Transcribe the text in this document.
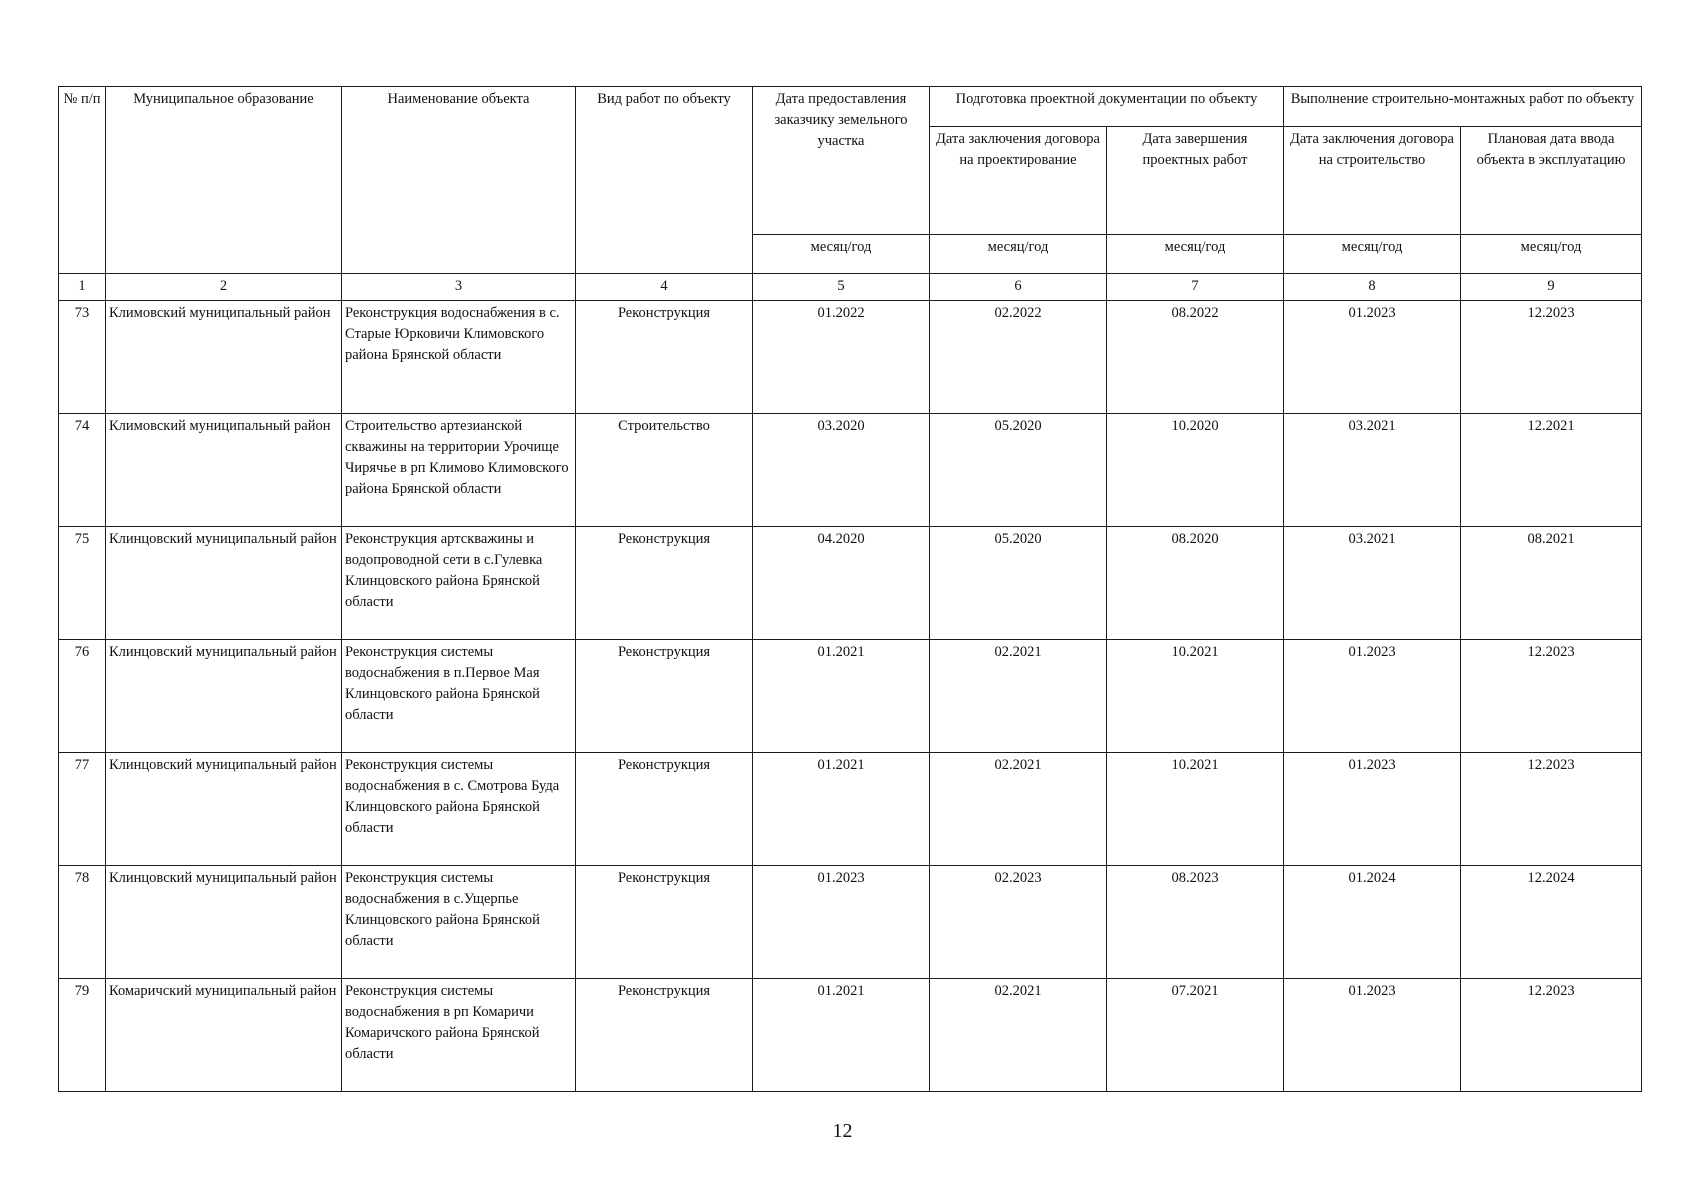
№ п/п	Муниципальное образование	Наименование объекта	Вид работ по объекту	Дата предоставления заказчику земельного участка	Подготовка проектной документации по объекту		Выполнение строительно-монтажных работ по объекту	
					Дата заключения договора на проектирование	Дата завершения проектных работ	Дата заключения договора на строительство	Плановая дата ввода объекта в эксплуатацию
				месяц/год	месяц/год	месяц/год	месяц/год	месяц/год
1	2	3	4	5	6	7	8	9
73	Климовский муниципальный район	Реконструкция водоснабжения в с. Старые Юрковичи Климовского района Брянской области	Реконструкция	01.2022	02.2022	08.2022	01.2023	12.2023
74	Климовский муниципальный район	Строительство артезианской скважины на территории Урочище Чирячье в рп Климово Климовского района Брянской области	Строительство	03.2020	05.2020	10.2020	03.2021	12.2021
75	Клинцовский муниципальный район	Реконструкция артскважины и водопроводной сети в с.Гулевка Клинцовского района Брянской области	Реконструкция	04.2020	05.2020	08.2020	03.2021	08.2021
76	Клинцовский муниципальный район	Реконструкция системы водоснабжения в п.Первое Мая Клинцовского района Брянской области	Реконструкция	01.2021	02.2021	10.2021	01.2023	12.2023
77	Клинцовский муниципальный район	Реконструкция системы водоснабжения в с. Смотрова Буда Клинцовского района Брянской области	Реконструкция	01.2021	02.2021	10.2021	01.2023	12.2023
78	Клинцовский муниципальный район	Реконструкция системы водоснабжения в с.Ущерпье Клинцовского района Брянской области	Реконструкция	01.2023	02.2023	08.2023	01.2024	12.2024
79	Комаричский муниципальный район	Реконструкция системы водоснабжения в рп Комаричи Комаричского района Брянской области	Реконструкция	01.2021	02.2021	07.2021	01.2023	12.2023
12
